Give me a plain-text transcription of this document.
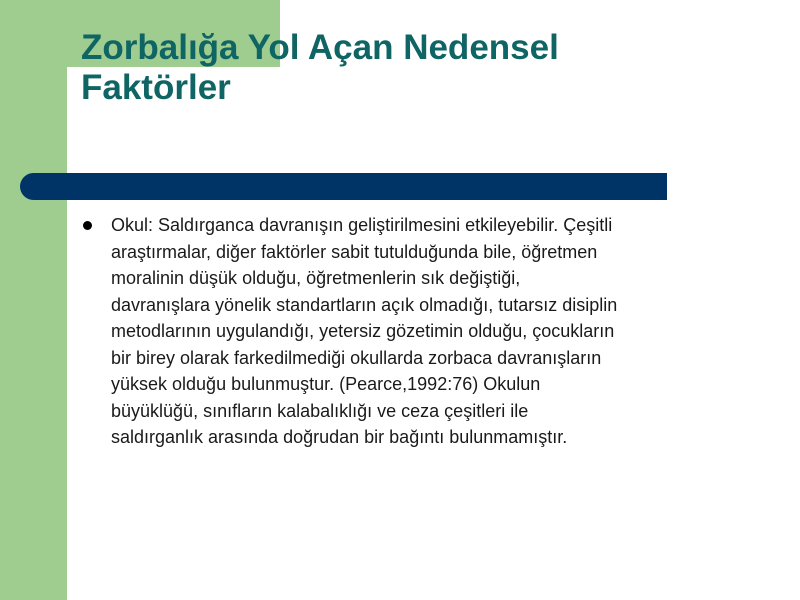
Zorbalığa Yol Açan Nedensel
Faktörler
Okul: Saldırganca davranışın geliştirilmesini etkileyebilir. Çeşitli
araştırmalar, diğer faktörler sabit tutulduğunda bile, öğretmen
moralinin düşük olduğu, öğretmenlerin sık değiştiği,
davranışlara yönelik standartların açık olmadığı, tutarsız disiplin
metodlarının uygulandığı, yetersiz gözetimin olduğu, çocukların
bir birey olarak farkedilmediği okullarda zorbaca davranışların
yüksek olduğu bulunmuştur. (Pearce,1992:76) Okulun
büyüklüğü, sınıfların kalabalıklığı ve ceza çeşitleri ile
saldırganlık arasında doğrudan bir bağıntı bulunmamıştır.
